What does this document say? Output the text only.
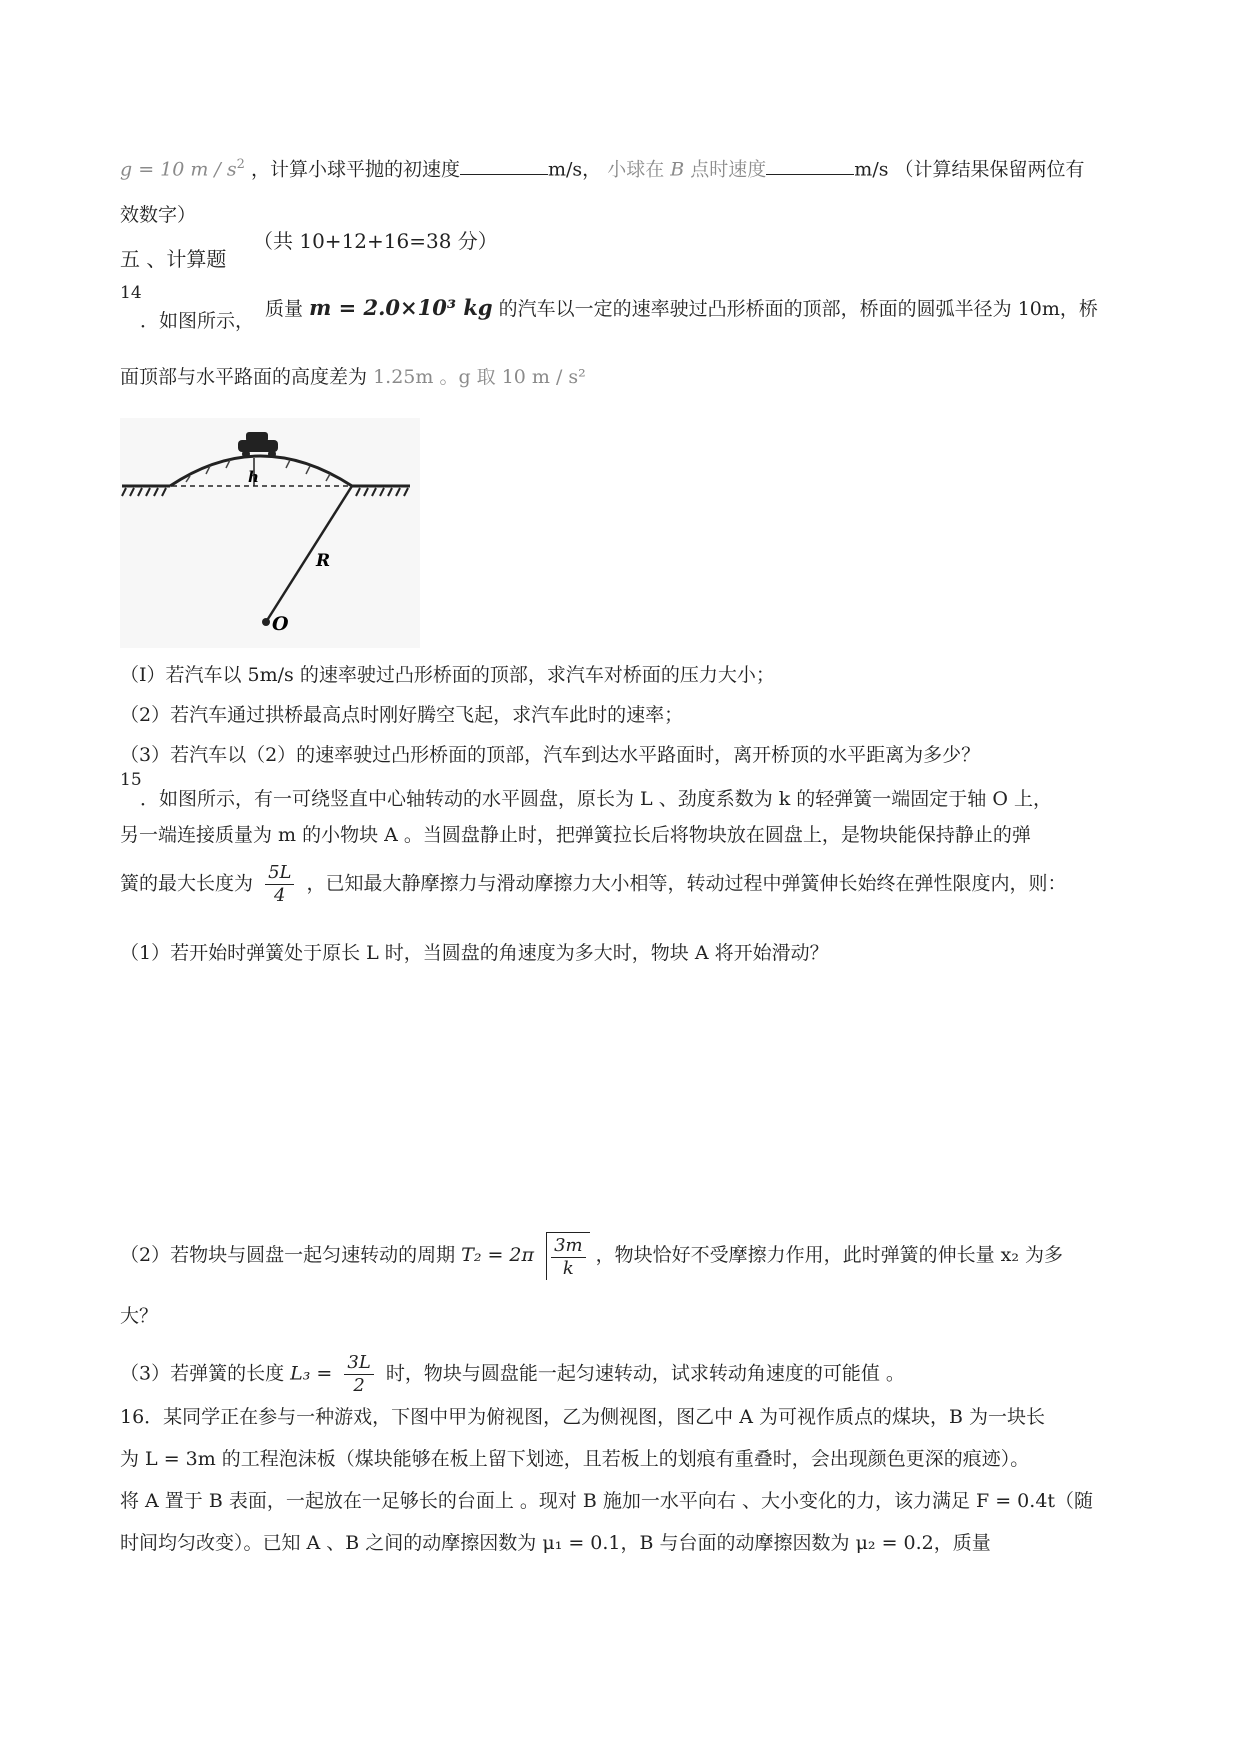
g = 10 m / $s^2$ ，计算小球平抛的初速度	m/s， 小球在 B 点时速度	m/s （计算结果保留两位有
效数字）
五 、计算题
（共 10+12+16=38 分）
14
．如图所示，
质量 m = 2.0×10³ kg 的汽车以一定的速率驶过凸形桥面的顶部，桥面的圆弧半径为 10m，桥
面顶部与水平路面的高度差为 1.25m 。g 取 10 m / s²
h
R
O
（Ⅰ）若汽车以 5m/s 的速率驶过凸形桥面的顶部，求汽车对桥面的压力大小；
（2）若汽车通过拱桥最高点时刚好腾空飞起，求汽车此时的速率；
（3）若汽车以（2）的速率驶过凸形桥面的顶部，汽车到达水平路面时，离开桥顶的水平距离为多少？
15
．如图所示，有一可绕竖直中心轴转动的水平圆盘，原长为 L 、劲度系数为 k 的轻弹簧一端固定于轴 O 上，
另一端连接质量为 m 的小物块 A 。当圆盘静止时，把弹簧拉长后将物块放在圆盘上，是物块能保持静止的弹
簧的最大长度为 $\frac{5L}{4}$ ，已知最大静摩擦力与滑动摩擦力大小相等，转动过程中弹簧伸长始终在弹性限度内，则：
（1）若开始时弹簧处于原长 L 时，当圆盘的角速度为多大时，物块 A 将开始滑动？
（2）若物块与圆盘一起匀速转动的周期 $T_2 = 2\pi \frac{3m}{k}$ ，物块恰好不受摩擦力作用，此时弹簧的伸长量 x₂ 为多
大？
（3）若弹簧的长度 $L_3 = \frac{3L}{2}$ 时，物块与圆盘能一起匀速转动，试求转动角速度的可能值 。
16．某同学正在参与一种游戏，下图中甲为俯视图，乙为侧视图，图乙中 A 为可视作质点的煤块，B 为一块长
为 L = 3m 的工程泡沫板（煤块能够在板上留下划迹，且若板上的划痕有重叠时，会出现颜色更深的痕迹）。
将 A 置于 B 表面，一起放在一足够长的台面上 。现对 B 施加一水平向右 、大小变化的力，该力满足 F = 0.4t（随
时间均匀改变）。已知 A 、B 之间的动摩擦因数为 μ₁ = 0.1，B 与台面的动摩擦因数为 μ₂ = 0.2，质量
